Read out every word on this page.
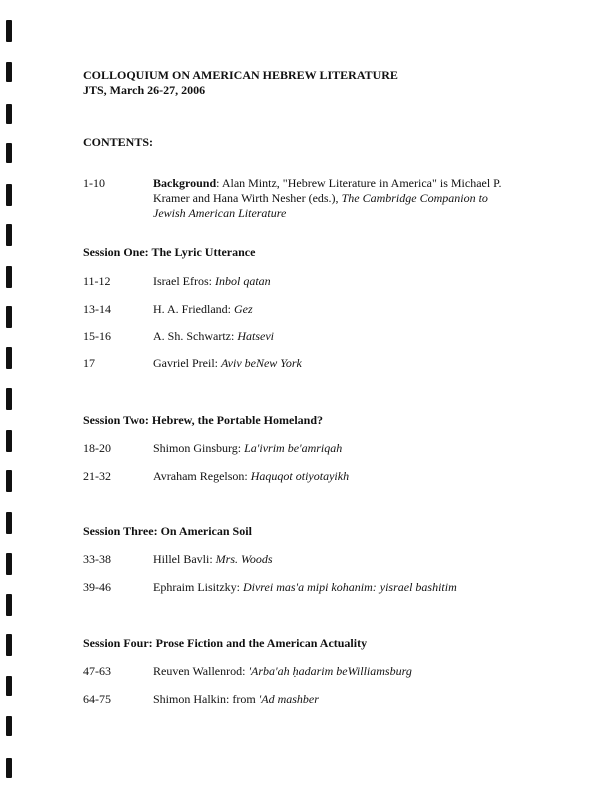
COLLOQUIUM ON AMERICAN HEBREW LITERATURE
JTS, March 26-27, 2006
CONTENTS:
1-10	Background: Alan Mintz, "Hebrew Literature in America" is Michael P. Kramer and Hana Wirth Nesher (eds.), The Cambridge Companion to Jewish American Literature
Session One: The Lyric Utterance
11-12	Israel Efros: Inbol qatan
13-14	H. A. Friedland: Gez
15-16	A. Sh. Schwartz: Hatsevi
17	Gavriel Preil: Aviv beNew York
Session Two: Hebrew, the Portable Homeland?
18-20	Shimon Ginsburg: La'ivrim be'amriqah
21-32	Avraham Regelson: Haquqot otiyotayikh
Session Three: On American Soil
33-38	Hillel Bavli: Mrs. Woods
39-46	Ephraim Lisitzky: Divrei mas'a mipi kohanim: yisrael bashitim
Session Four: Prose Fiction and the American Actuality
47-63	Reuven Wallenrod: 'Arba'ah ḥadarim beWilliamsburg
64-75	Shimon Halkin: from 'Ad mashber
